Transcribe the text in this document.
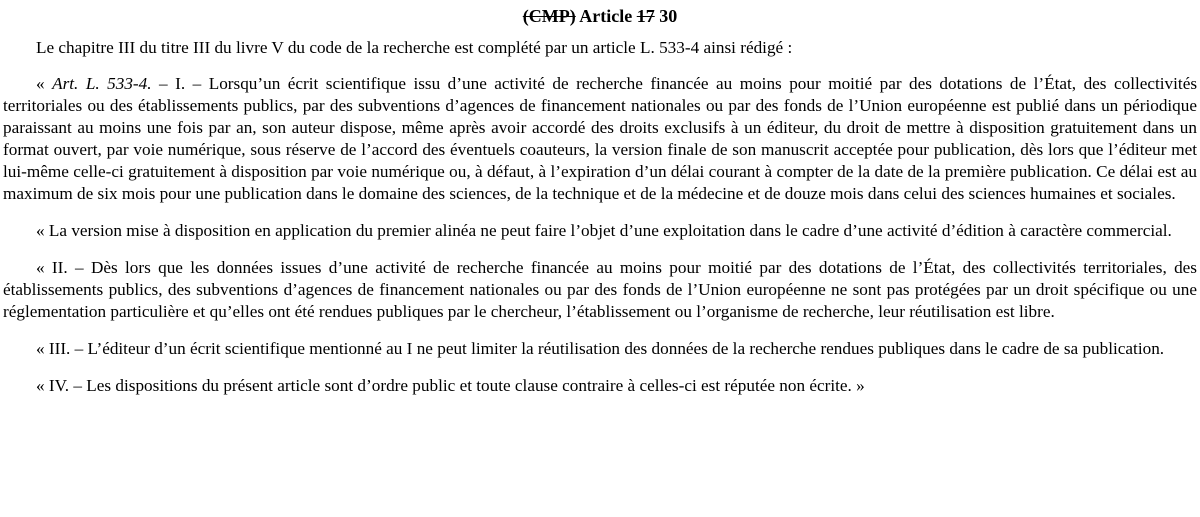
(CMP) Article 17 30

Le chapitre III du titre III du livre V du code de la recherche est complété par un article L. 533-4 ainsi rédigé :

« Art. L. 533-4. – I. – Lorsqu’un écrit scientifique issu d’une activité de recherche financée au moins pour moitié par des dotations de l’État, des collectivités territoriales ou des établissements publics, par des subventions d’agences de financement nationales ou par des fonds de l’Union européenne est publié dans un périodique paraissant au moins une fois par an, son auteur dispose, même après avoir accordé des droits exclusifs à un éditeur, du droit de mettre à disposition gratuitement dans un format ouvert, par voie numérique, sous réserve de l’accord des éventuels coauteurs, la version finale de son manuscrit acceptée pour publication, dès lors que l’éditeur met lui-même celle-ci gratuitement à disposition par voie numérique ou, à défaut, à l’expiration d’un délai courant à compter de la date de la première publication. Ce délai est au maximum de six mois pour une publication dans le domaine des sciences, de la technique et de la médecine et de douze mois dans celui des sciences humaines et sociales.

« La version mise à disposition en application du premier alinéa ne peut faire l’objet d’une exploitation dans le cadre d’une activité d’édition à caractère commercial.

« II. – Dès lors que les données issues d’une activité de recherche financée au moins pour moitié par des dotations de l’État, des collectivités territoriales, des établissements publics, des subventions d’agences de financement nationales ou par des fonds de l’Union européenne ne sont pas protégées par un droit spécifique ou une réglementation particulière et qu’elles ont été rendues publiques par le chercheur, l’établissement ou l’organisme de recherche, leur réutilisation est libre.

« III. – L’éditeur d’un écrit scientifique mentionné au I ne peut limiter la réutilisation des données de la recherche rendues publiques dans le cadre de sa publication.

« IV. – Les dispositions du présent article sont d’ordre public et toute clause contraire à celles-ci est réputée non écrite. »
